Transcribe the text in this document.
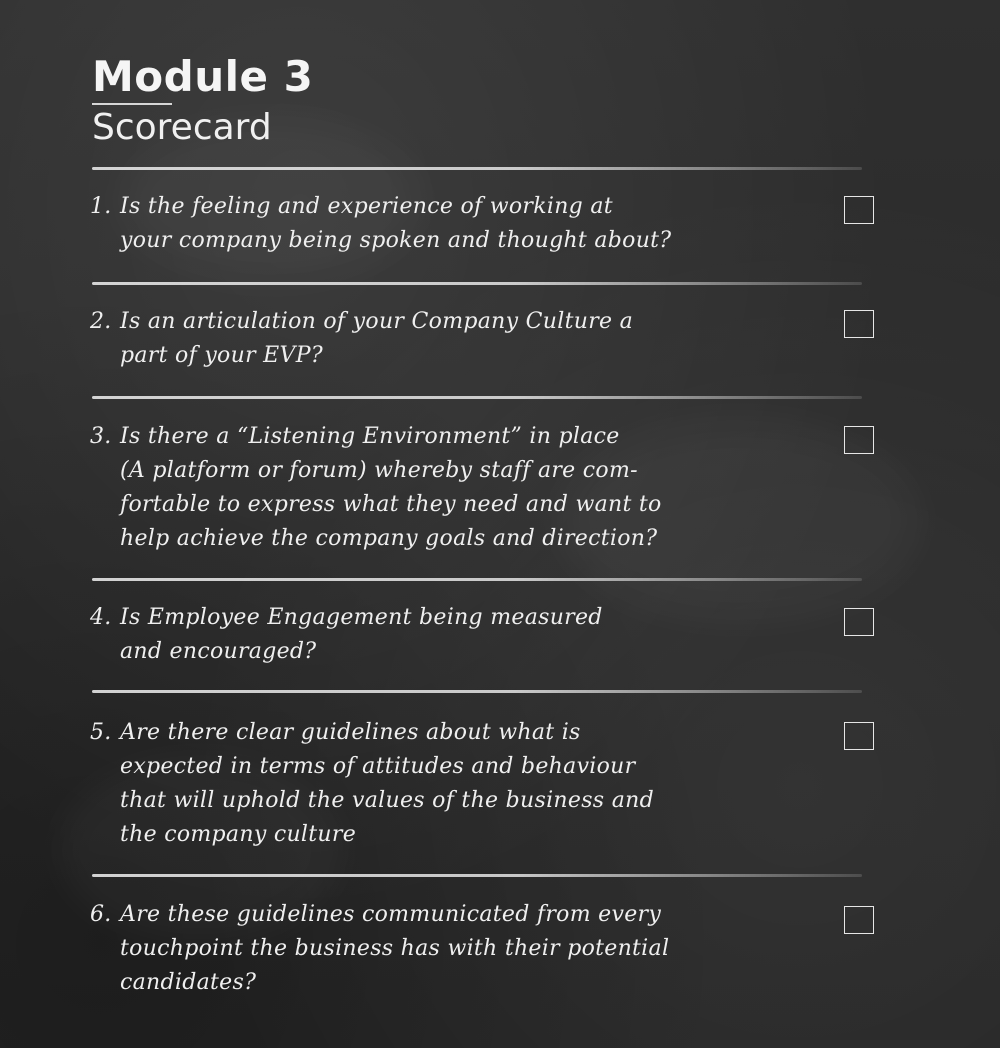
Module 3
Scorecard
1. Is the feeling and experience of working at
your company being spoken and thought about?
2. Is an articulation of your Company Culture a
part of your EVP?
3. Is there a “Listening Environment” in place
(A platform or forum) whereby staff are com-
fortable to express what they need and want to
help achieve the company goals and direction?
4. Is Employee Engagement being measured
and encouraged?
5. Are there clear guidelines about what is
expected in terms of attitudes and behaviour
that will uphold the values of the business and
the company culture
6. Are these guidelines communicated from every
touchpoint the business has with their potential
candidates?
